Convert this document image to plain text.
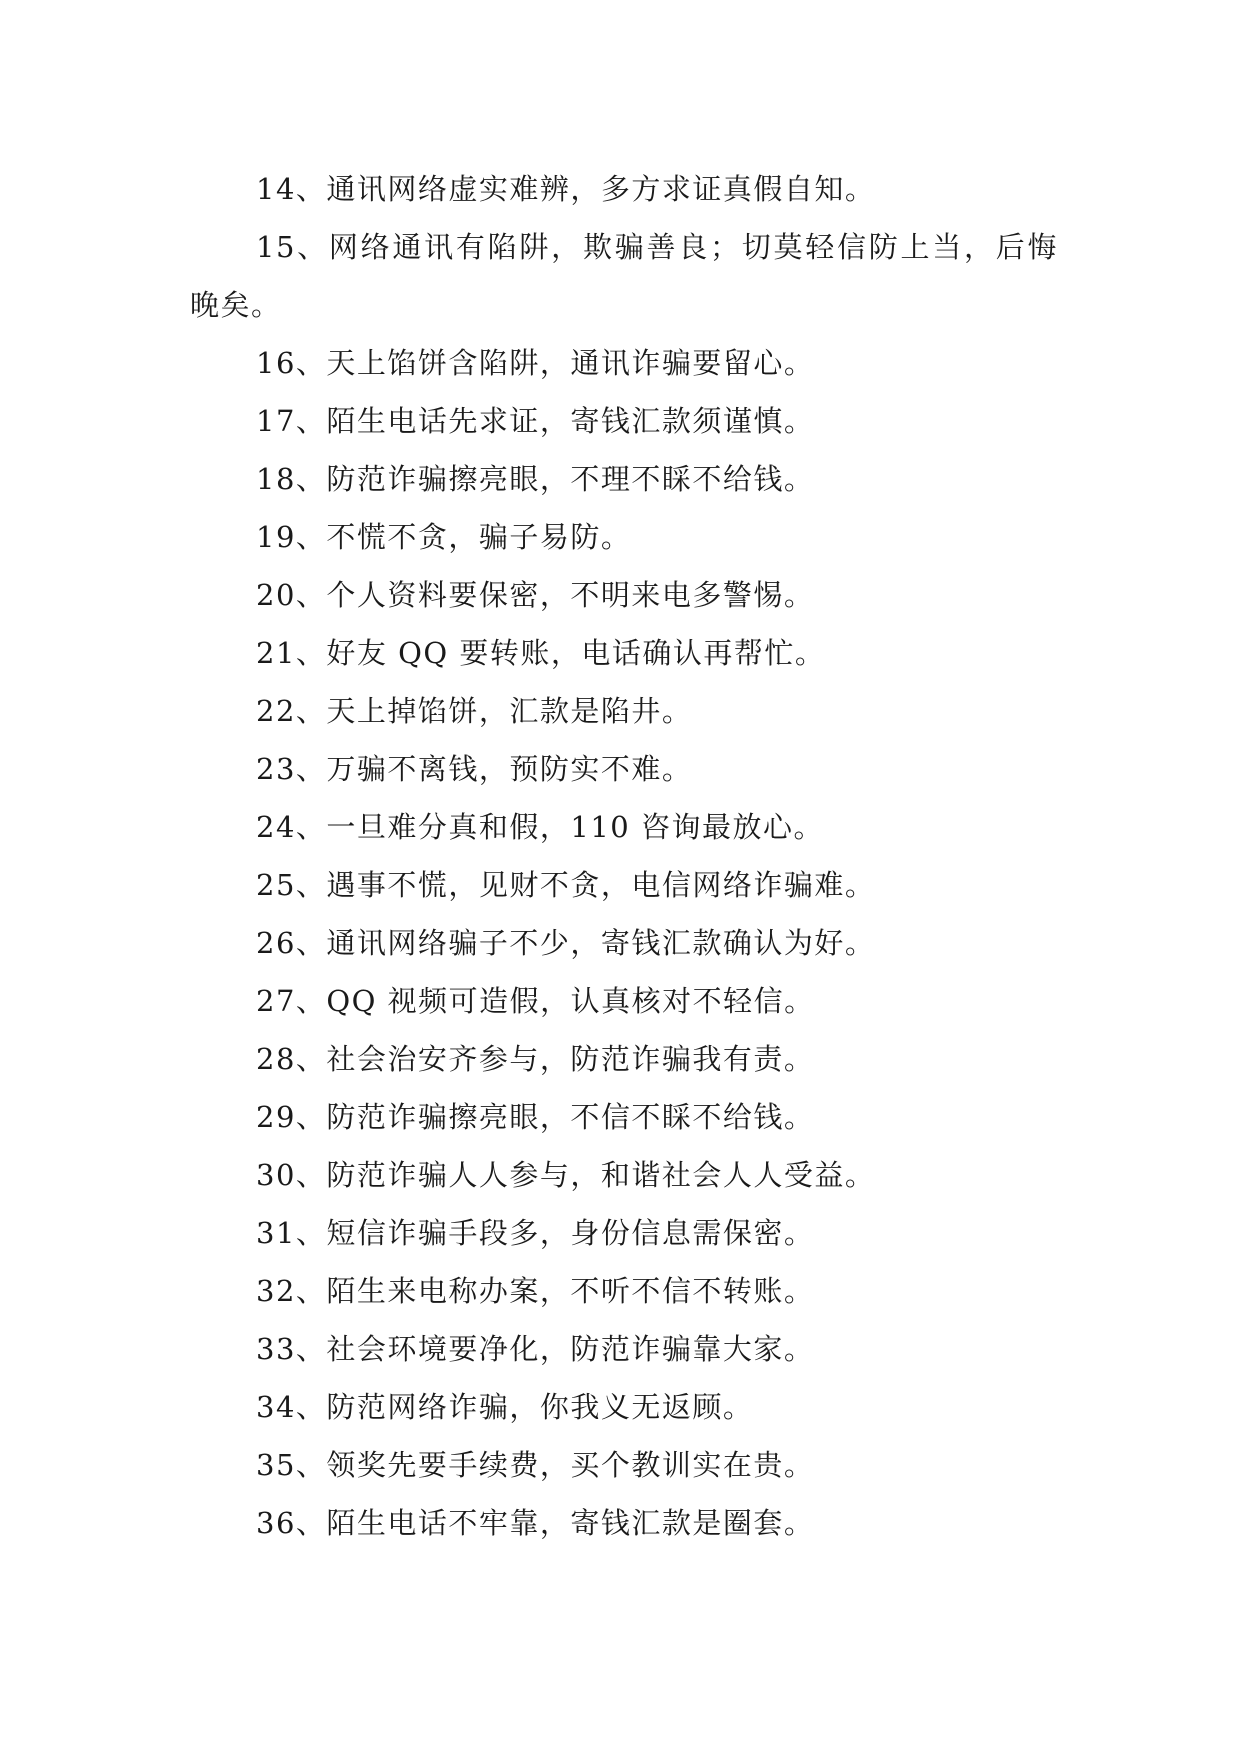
14、通讯网络虚实难辨，多方求证真假自知。

15、网络通讯有陷阱，欺骗善良；切莫轻信防上当，后悔晚矣。

16、天上馅饼含陷阱，通讯诈骗要留心。

17、陌生电话先求证，寄钱汇款须谨慎。

18、防范诈骗擦亮眼，不理不睬不给钱。

19、不慌不贪，骗子易防。

20、个人资料要保密，不明来电多警惕。

21、好友 QQ 要转账，电话确认再帮忙。

22、天上掉馅饼，汇款是陷井。

23、万骗不离钱，预防实不难。

24、一旦难分真和假，110 咨询最放心。

25、遇事不慌，见财不贪，电信网络诈骗难。

26、通讯网络骗子不少，寄钱汇款确认为好。

27、QQ 视频可造假，认真核对不轻信。

28、社会治安齐参与，防范诈骗我有责。

29、防范诈骗擦亮眼，不信不睬不给钱。

30、防范诈骗人人参与，和谐社会人人受益。

31、短信诈骗手段多，身份信息需保密。

32、陌生来电称办案，不听不信不转账。

33、社会环境要净化，防范诈骗靠大家。

34、防范网络诈骗，你我义无返顾。

35、领奖先要手续费，买个教训实在贵。

36、陌生电话不牢靠，寄钱汇款是圈套。
